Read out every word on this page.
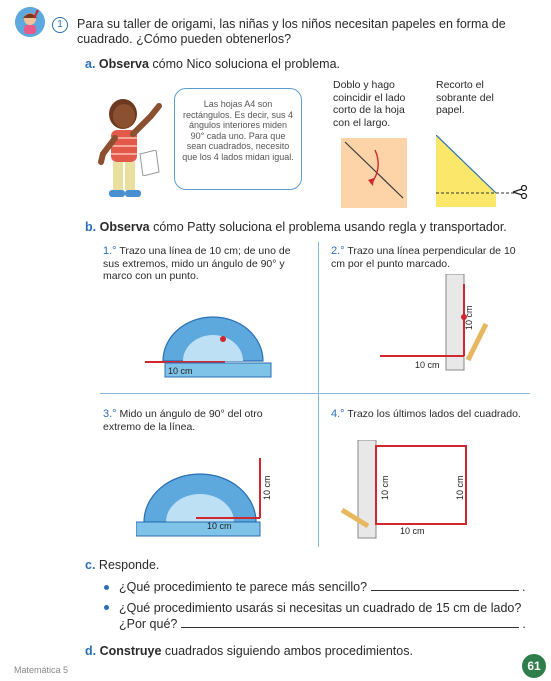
1	Para su taller de origami, las niñas y los niños necesitan papeles en forma de cuadrado. ¿Cómo pueden obtenerlos?
a. Observa cómo Nico soluciona el problema.
Las hojas A4 son rectángulos. Es decir, sus 4 ángulos interiores miden 90° cada uno. Para que sean cuadrados, necesito que los 4 lados midan igual.
Doblo y hago coincidir el lado corto de la hoja con el largo.
Recorto el sobrante del papel.
b. Observa cómo Patty soluciona el problema usando regla y transportador.
1.° Trazo una línea de 10 cm; de uno de sus extremos, mido un ángulo de 90° y marco con un punto.
10 cm
2.° Trazo una línea perpendicular de 10 cm por el punto marcado.
10 cm
10 cm
3.° Mido un ángulo de 90° del otro extremo de la línea.
10 cm
10 cm
4.° Trazo los últimos lados del cuadrado.
10 cm
10 cm	10 cm
c. Responde.
¿Qué procedimiento te parece más sencillo?	.
¿Qué procedimiento usarás si necesitas un cuadrado de 15 cm de lado?
¿Por qué?	.
d. Construye cuadrados siguiendo ambos procedimientos.
Matemática 5	61
